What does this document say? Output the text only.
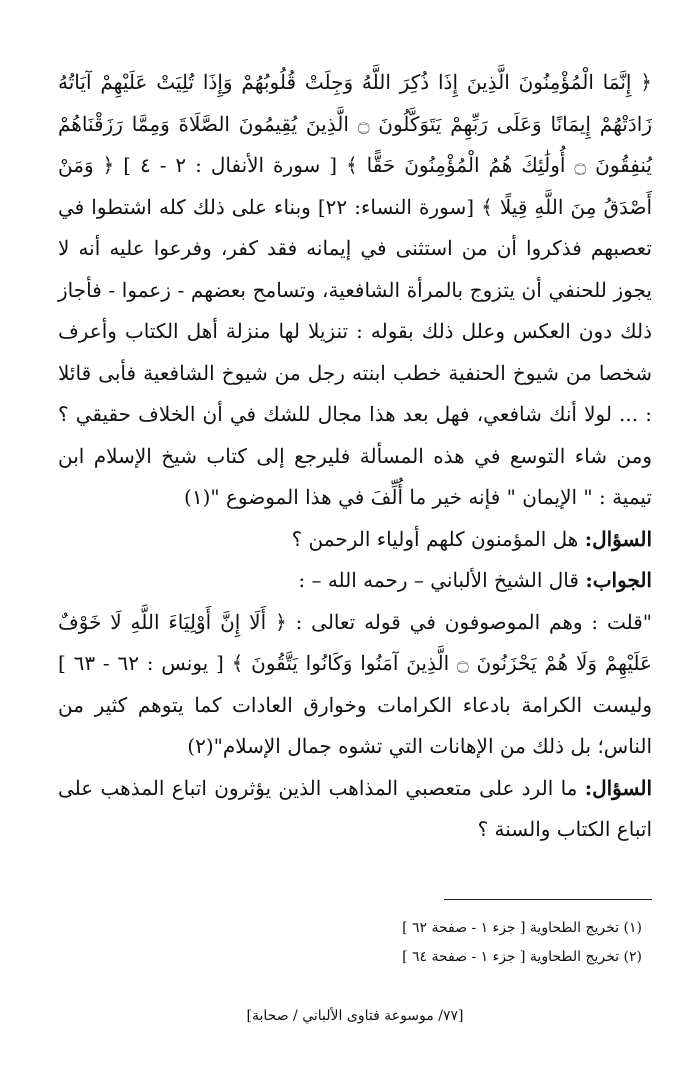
﴿ إِنَّمَا الْمُؤْمِنُونَ الَّذِينَ إِذَا ذُكِرَ اللَّهُ وَجِلَتْ قُلُوبُهُمْ وَإِذَا تُلِيَتْ عَلَيْهِمْ آيَاتُهُ زَادَتْهُمْ إِيمَانًا وَعَلَى رَبِّهِمْ يَتَوَكَّلُونَ ۝ الَّذِينَ يُقِيمُونَ الصَّلَاةَ وَمِمَّا رَزَقْنَاهُمْ يُنفِقُونَ ۝ أُولَٰئِكَ هُمُ الْمُؤْمِنُونَ حَقًّا ﴾ [ سورة الأنفال : ٢ - ٤ ] ﴿ وَمَنْ أَصْدَقُ مِنَ اللَّهِ قِيلًا ﴾ [سورة النساء: ٢٢] وبناء على ذلك كله اشتطوا في تعصبهم فذكروا أن من استثنى في إيمانه فقد كفر، وفرعوا عليه أنه لا يجوز للحنفي أن يتزوج بالمرأة الشافعية، وتسامح بعضهم - زعموا - فأجاز ذلك دون العكس وعلل ذلك بقوله : تنزيلا لها منزلة أهل الكتاب وأعرف شخصا من شيوخ الحنفية خطب ابنته رجل من شيوخ الشافعية فأبى قائلا : ... لولا أنك شافعي، فهل بعد هذا مجال للشك في أن الخلاف حقيقي ؟ ومن شاء التوسع في هذه المسألة فليرجع إلى كتاب شيخ الإسلام ابن تيمية : " الإيمان " فإنه خير ما أُلِّفَ في هذا الموضوع "(١)

السؤال: هل المؤمنون كلهم أولياء الرحمن ؟

الجواب: قال الشيخ الألباني – رحمه الله – :

"قلت : وهم الموصوفون في قوله تعالى : ﴿ أَلَا إِنَّ أَوْلِيَاءَ اللَّهِ لَا خَوْفٌ عَلَيْهِمْ وَلَا هُمْ يَحْزَنُونَ ۝ الَّذِينَ آمَنُوا وَكَانُوا يَتَّقُونَ ﴾ [ يونس : ٦٢ - ٦٣ ] وليست الكرامة بادعاء الكرامات وخوارق العادات كما يتوهم كثير من الناس؛ بل ذلك من الإهانات التي تشوه جمال الإسلام"(٢)

السؤال: ما الرد على متعصبي المذاهب الذين يؤثرون اتباع المذهب على اتباع الكتاب والسنة ؟

(١) تخريج الطحاوية [ جزء ١ - صفحة ٦٢ ]
(٢) تخريج الطحاوية [ جزء ١ - صفحة ٦٤ ]
[٧٧/ موسوعة فتاوى الألباني / صحابة]
